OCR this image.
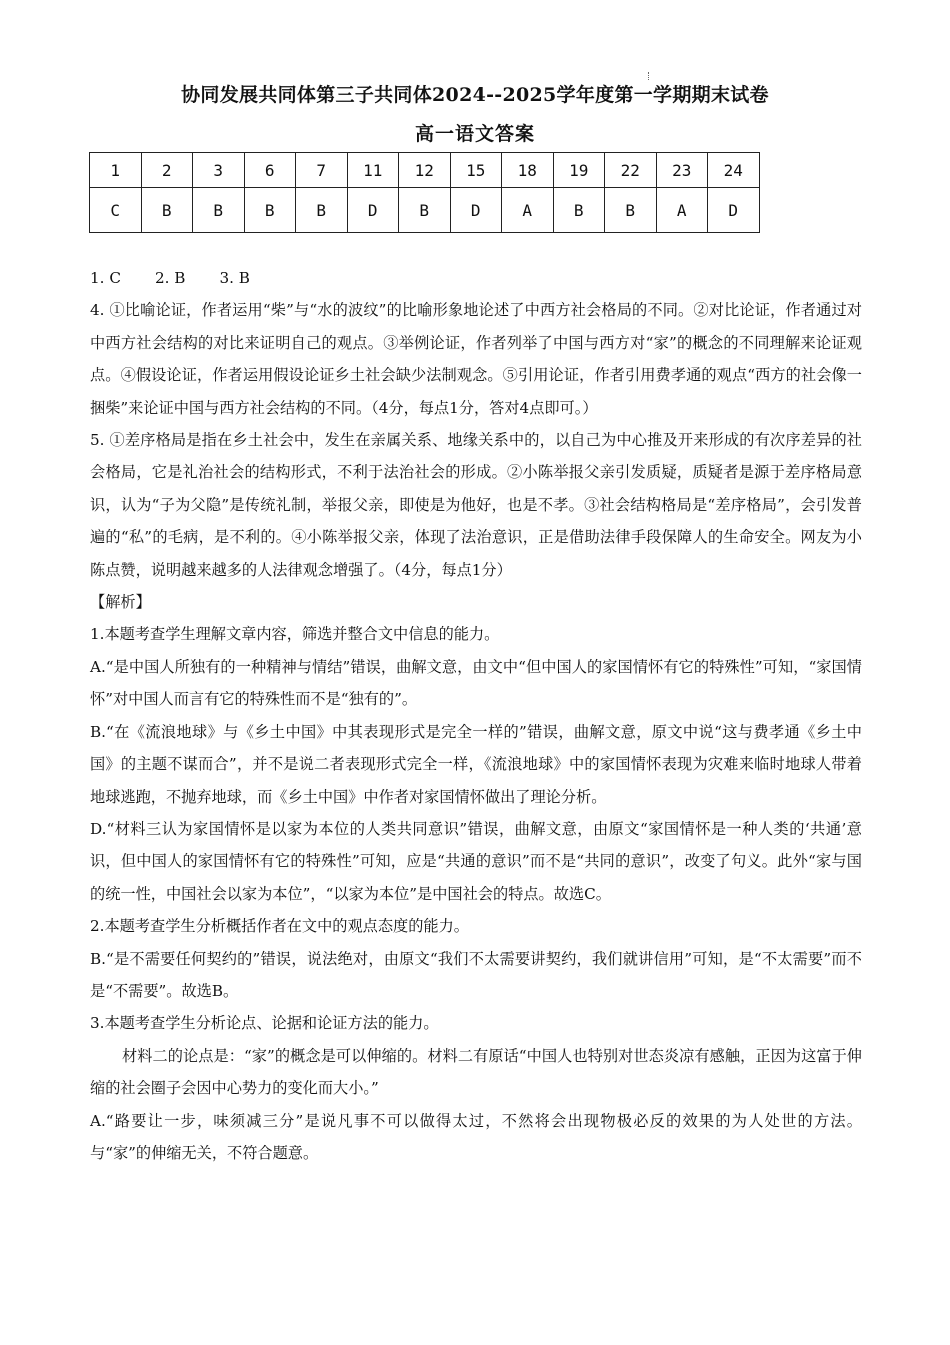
协同发展共同体第三子共同体2024--2025学年度第一学期期末试卷
高一语文答案
1	2	3	6	7	11	12	15	18	19	22	23	24
C	B	B	B	B	D	B	D	A	B	B	A	D

1. C 2. B 3. B

4. ①比喻论证，作者运用“柴”与“水的波纹”的比喻形象地论述了中西方社会格局的不同。②对比论证，作者通过对中西方社会结构的对比来证明自己的观点。③举例论证，作者列举了中国与西方对“家”的概念的不同理解来论证观点。④假设论证，作者运用假设论证乡土社会缺少法制观念。⑤引用论证，作者引用费孝通的观点“西方的社会像一捆柴”来论证中国与西方社会结构的不同。（4分，每点1分，答对4点即可。）

5. ①差序格局是指在乡土社会中，发生在亲属关系、地缘关系中的，以自己为中心推及开来形成的有次序差异的社会格局，它是礼治社会的结构形式，不利于法治社会的形成。②小陈举报父亲引发质疑，质疑者是源于差序格局意识，认为“子为父隐”是传统礼制，举报父亲，即使是为他好，也是不孝。③社会结构格局是“差序格局”，会引发普遍的“私”的毛病，是不利的。④小陈举报父亲，体现了法治意识，正是借助法律手段保障人的生命安全。网友为小陈点赞，说明越来越多的人法律观念增强了。（4分，每点1分）

【解析】

1.本题考查学生理解文章内容，筛选并整合文中信息的能力。

A.“是中国人所独有的一种精神与情结”错误，曲解文意，由文中“但中国人的家国情怀有它的特殊性”可知，“家国情怀”对中国人而言有它的特殊性而不是“独有的”。

B.“在《流浪地球》与《乡土中国》中其表现形式是完全一样的”错误，曲解文意，原文中说“这与费孝通《乡土中国》的主题不谋而合”，并不是说二者表现形式完全一样，《流浪地球》中的家国情怀表现为灾难来临时地球人带着地球逃跑，不抛弃地球，而《乡土中国》中作者对家国情怀做出了理论分析。

D.“材料三认为家国情怀是以家为本位的人类共同意识”错误，曲解文意，由原文“家国情怀是一种人类的‘共通’意识，但中国人的家国情怀有它的特殊性”可知，应是“共通的意识”而不是“共同的意识”，改变了句义。此外“家与国的统一性，中国社会以家为本位”，“以家为本位”是中国社会的特点。故选C。

2.本题考查学生分析概括作者在文中的观点态度的能力。

B.“是不需要任何契约的”错误，说法绝对，由原文“我们不太需要讲契约，我们就讲信用”可知，是“不太需要”而不是“不需要”。故选B。

3.本题考查学生分析论点、论据和论证方法的能力。

材料二的论点是：“家”的概念是可以伸缩的。材料二有原话“中国人也特别对世态炎凉有感触，正因为这富于伸缩的社会圈子会因中心势力的变化而大小。”

A.“路要让一步，味须减三分”是说凡事不可以做得太过，不然将会出现物极必反的效果的为人处世的方法。与“家”的伸缩无关，不符合题意。
